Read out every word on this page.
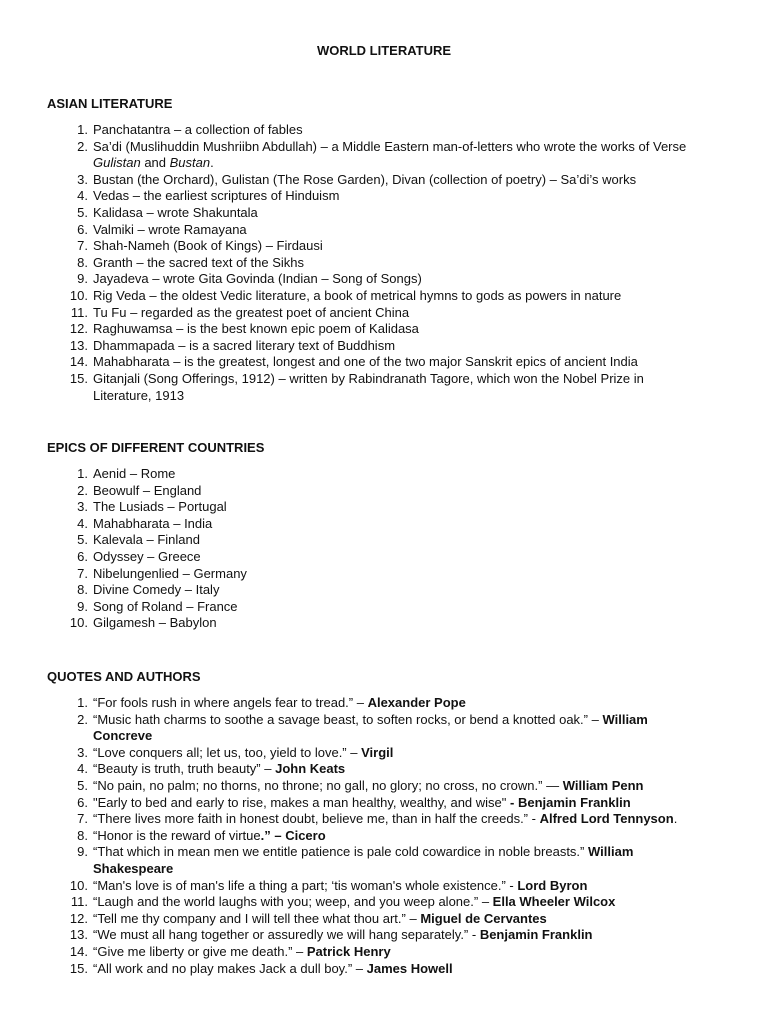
WORLD LITERATURE
ASIAN LITERATURE
1. Panchatantra – a collection of fables
2. Sa’di (Muslihuddin Mushriibn Abdullah) – a Middle Eastern man-of-letters who wrote the works of Verse Gulistan and Bustan.
3. Bustan (the Orchard), Gulistan (The Rose Garden), Divan (collection of poetry) – Sa’di’s works
4. Vedas – the earliest scriptures of Hinduism
5. Kalidasa – wrote Shakuntala
6. Valmiki – wrote Ramayana
7. Shah-Nameh (Book of Kings) – Firdausi
8. Granth – the sacred text of the Sikhs
9. Jayadeva – wrote Gita Govinda (Indian – Song of Songs)
10. Rig Veda – the oldest Vedic literature, a book of metrical hymns to gods as powers in nature
11. Tu Fu – regarded as the greatest poet of ancient China
12. Raghuwamsa – is the best known epic poem of Kalidasa
13. Dhammapada – is a sacred literary text of Buddhism
14. Mahabharata – is the greatest, longest and one of the two major Sanskrit epics of ancient India
15. Gitanjali (Song Offerings, 1912) – written by Rabindranath Tagore, which won the Nobel Prize in Literature, 1913
EPICS OF DIFFERENT COUNTRIES
1. Aenid – Rome
2. Beowulf – England
3. The Lusiads – Portugal
4. Mahabharata – India
5. Kalevala – Finland
6. Odyssey – Greece
7. Nibelungenlied – Germany
8. Divine Comedy – Italy
9. Song of Roland – France
10. Gilgamesh – Babylon
QUOTES AND AUTHORS
1. “For fools rush in where angels fear to tread.” – Alexander Pope
2. “Music hath charms to soothe a savage beast, to soften rocks, or bend a knotted oak.” – William Concreve
3. “Love conquers all; let us, too, yield to love.” – Virgil
4. “Beauty is truth, truth beauty” – John Keats
5. “No pain, no palm; no thorns, no throne; no gall, no glory; no cross, no crown.” — William Penn
6. "Early to bed and early to rise, makes a man healthy, wealthy, and wise" - Benjamin Franklin
7. “There lives more faith in honest doubt, believe me, than in half the creeds.” - Alfred Lord Tennyson.
8. “Honor is the reward of virtue.” – Cicero
9. “That which in mean men we entitle patience is pale cold cowardice in noble breasts.” William Shakespeare
10. “Man's love is of man's life a thing a part; ‘tis woman's whole existence.” - Lord Byron
11. “Laugh and the world laughs with you; weep, and you weep alone.” – Ella Wheeler Wilcox
12. “Tell me thy company and I will tell thee what thou art.” – Miguel de Cervantes
13. “We must all hang together or assuredly we will hang separately.” - Benjamin Franklin
14. “Give me liberty or give me death.” – Patrick Henry
15. “All work and no play makes Jack a dull boy.” – James Howell
